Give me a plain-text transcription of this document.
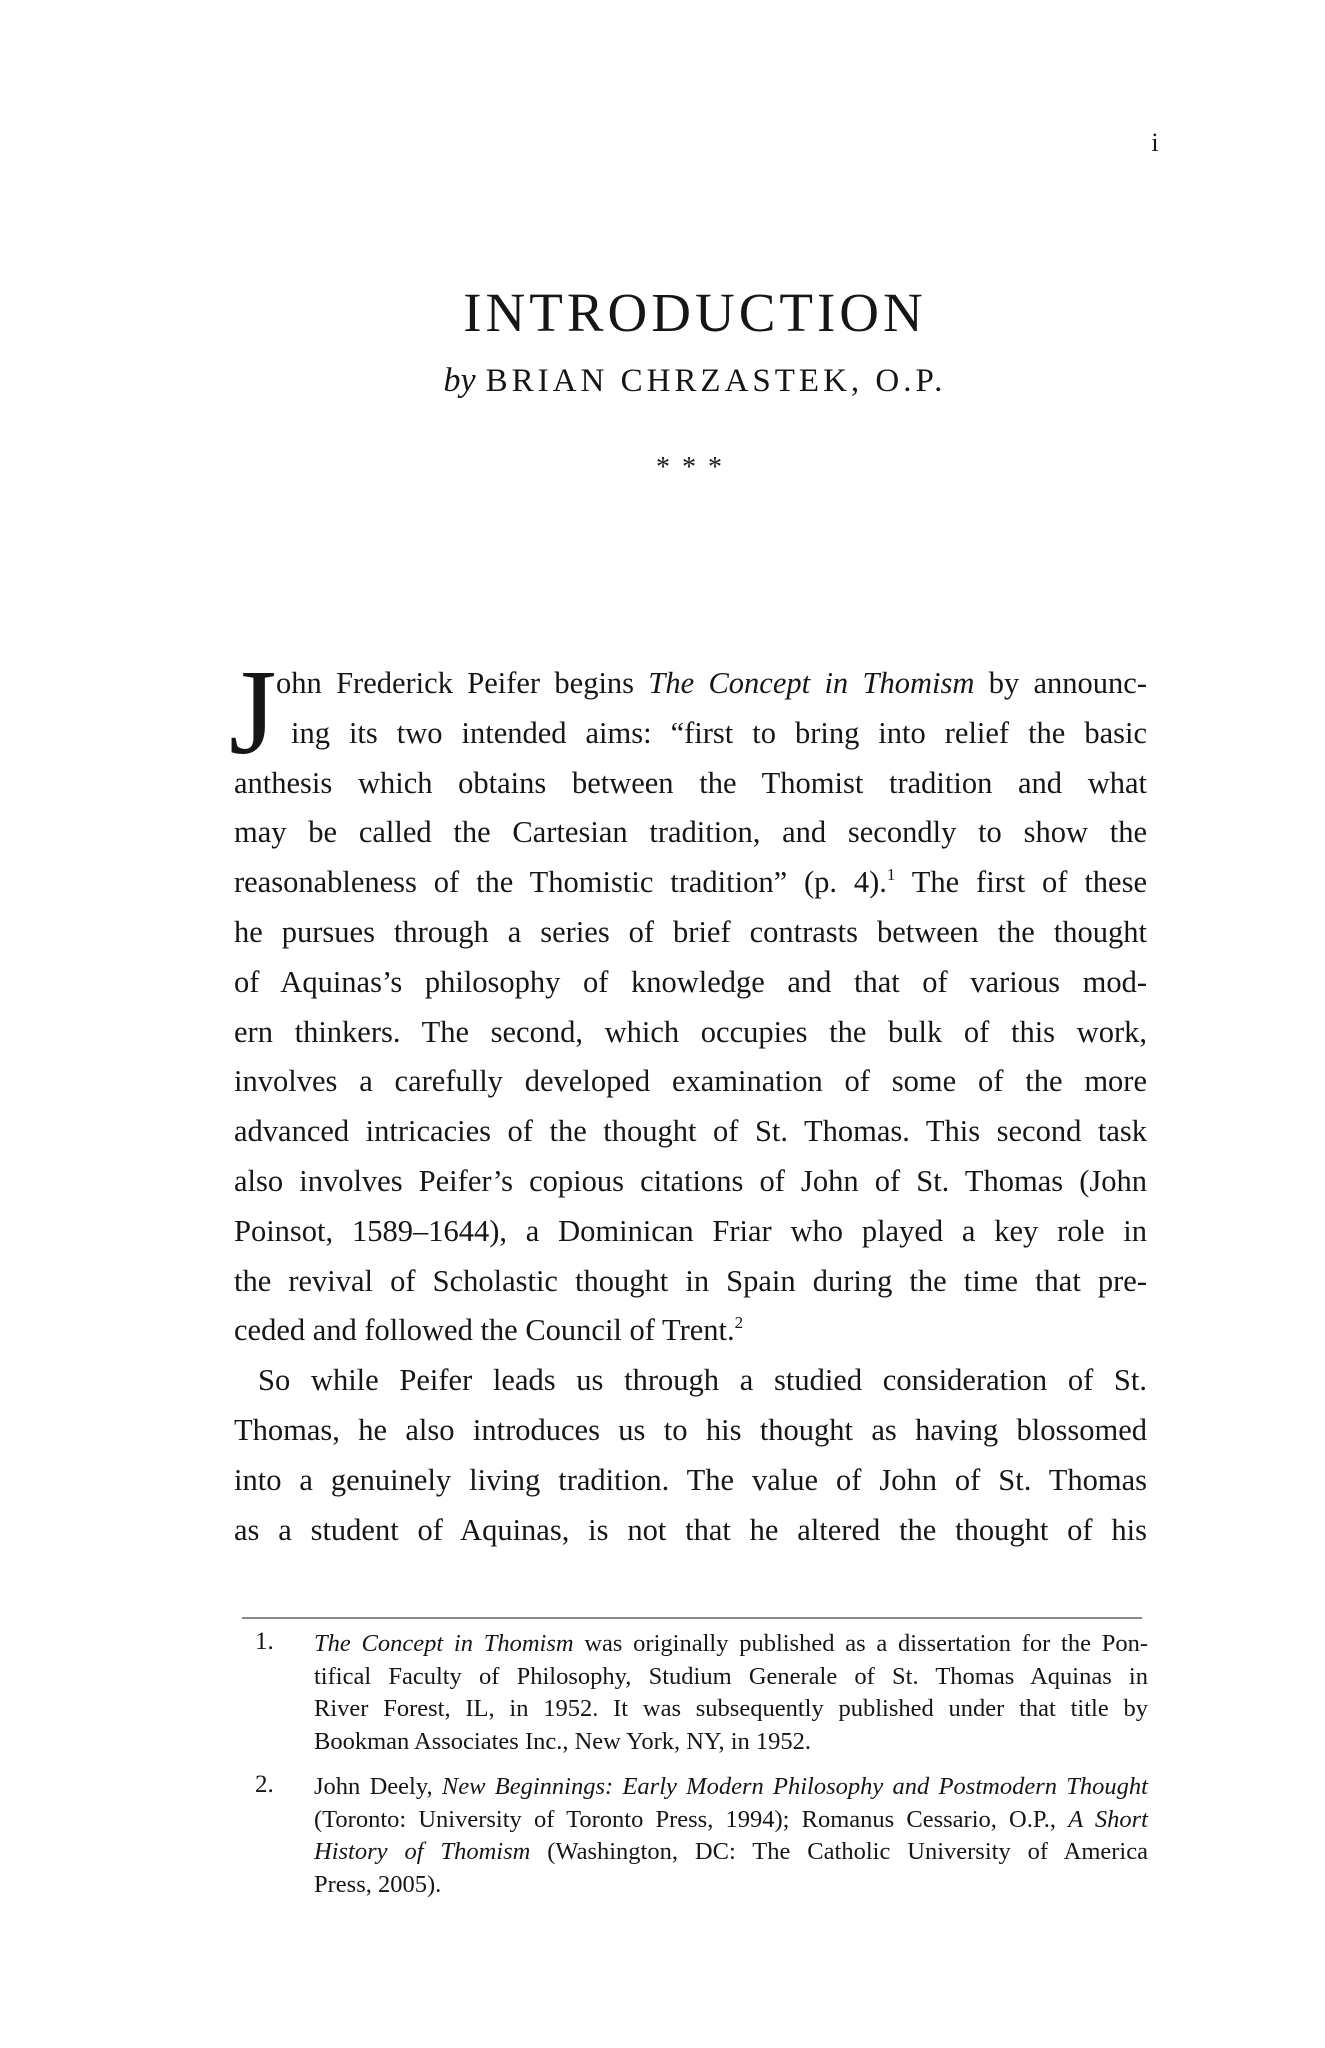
i
INTRODUCTION
by BRIAN CHRZASTEK, O.P.
***
J ohn Frederick Peifer begins The Concept in Thomism by announc-
ing its two intended aims: “first to bring into relief the basic
anthesis which obtains between the Thomist tradition and what
may be called the Cartesian tradition, and secondly to show the
reasonableness of the Thomistic tradition” (p. 4).$^1$ The first of these
he pursues through a series of brief contrasts between the thought
of Aquinas’s philosophy of knowledge and that of various mod-
ern thinkers. The second, which occupies the bulk of this work,
involves a carefully developed examination of some of the more
advanced intricacies of the thought of St. Thomas. This second task
also involves Peifer’s copious citations of John of St. Thomas (John
Poinsot, 1589–1644), a Dominican Friar who played a key role in
the revival of Scholastic thought in Spain during the time that pre-
ceded and followed the Council of Trent.$^2$
So while Peifer leads us through a studied consideration of St.
Thomas, he also introduces us to his thought as having blossomed
into a genuinely living tradition. The value of John of St. Thomas
as a student of Aquinas, is not that he altered the thought of his
1. The Concept in Thomism was originally published as a dissertation for the Pon-
tifical Faculty of Philosophy, Studium Generale of St. Thomas Aquinas in
River Forest, IL, in 1952. It was subsequently published under that title by
Bookman Associates Inc., New York, NY, in 1952.
2. John Deely, New Beginnings: Early Modern Philosophy and Postmodern Thought
(Toronto: University of Toronto Press, 1994); Romanus Cessario, O.P., A Short
History of Thomism (Washington, DC: The Catholic University of America
Press, 2005).
